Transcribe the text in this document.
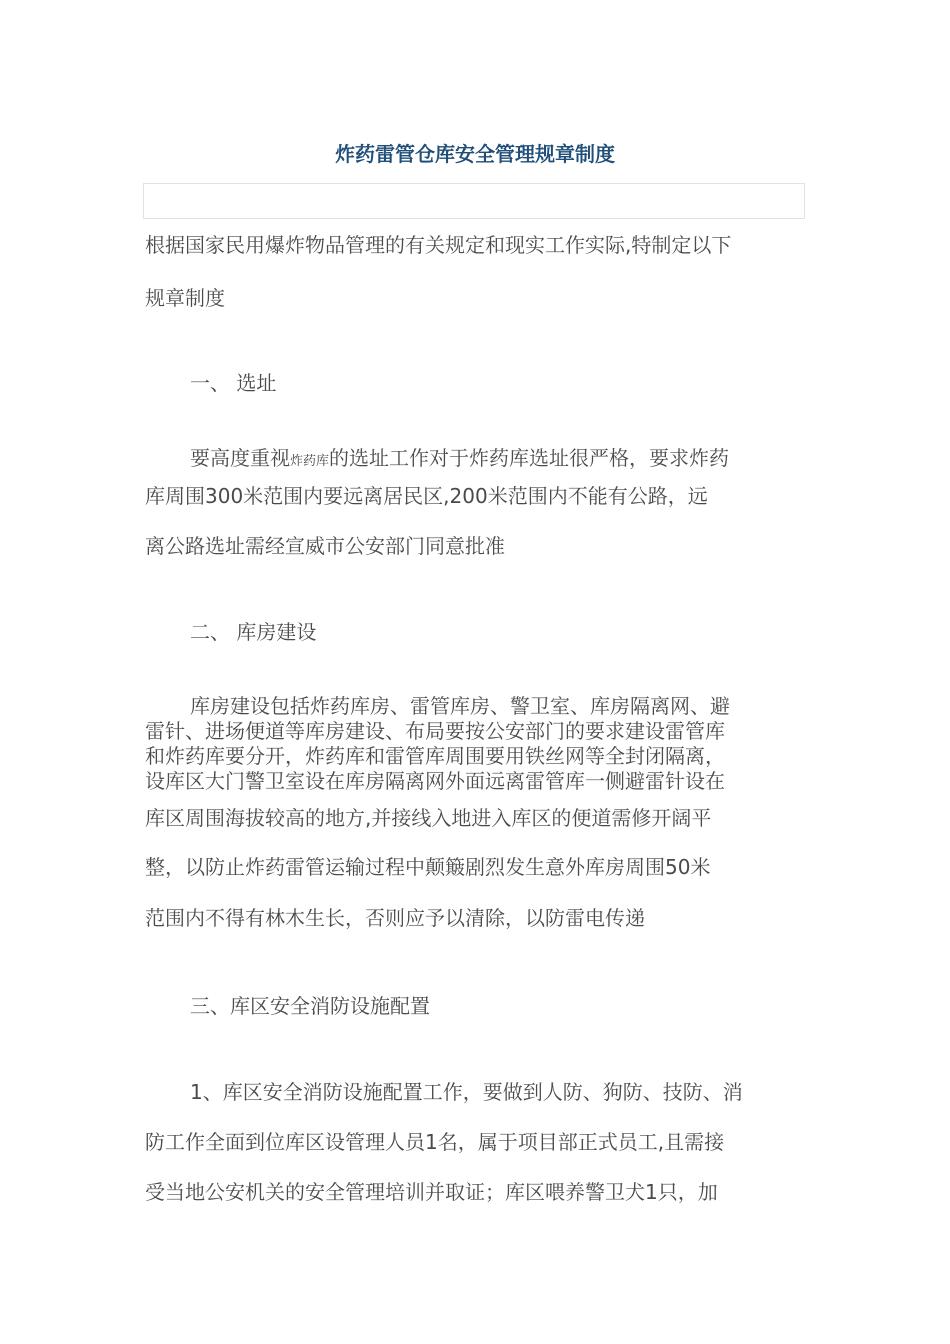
炸药雷管仓库安全管理规章制度

根据国家民用爆炸物品管理的有关规定和现实工作实际,特制定以下

规章制度

一、 选址

要高度重视炸药库的选址工作对于炸药库选址很严格，要求炸药

库周围300米范围内要远离居民区,200米范围内不能有公路，远

离公路选址需经宣威市公安部门同意批准

二、 库房建设

库房建设包括炸药库房、雷管库房、警卫室、库房隔离网、避

雷针、进场便道等库房建设、布局要按公安部门的要求建设雷管库

和炸药库要分开，炸药库和雷管库周围要用铁丝网等全封闭隔离，

设库区大门警卫室设在库房隔离网外面远离雷管库一侧避雷针设在

库区周围海拔较高的地方,并接线入地进入库区的便道需修开阔平

整，以防止炸药雷管运输过程中颠簸剧烈发生意外库房周围50米

范围内不得有林木生长，否则应予以清除，以防雷电传递

三、库区安全消防设施配置

1、库区安全消防设施配置工作，要做到人防、狗防、技防、消

防工作全面到位库区设管理人员1名，属于项目部正式员工,且需接

受当地公安机关的安全管理培训并取证；库区喂养警卫犬1只，加
